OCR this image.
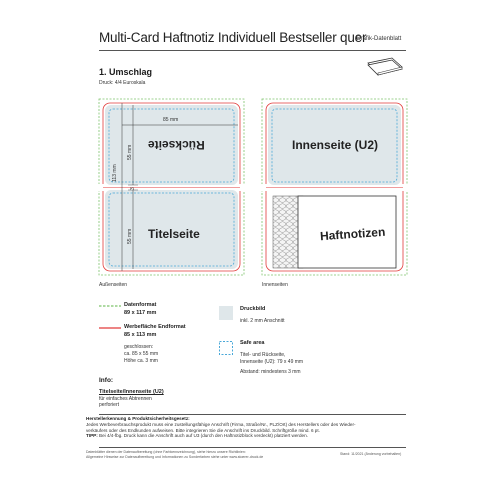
Multi-Card Haftnotiz Individuell Bestseller quer
Grafik-Datenblatt
1. Umschlag
Druck: 4/4 Euroskala
85 mm
113 mm
55 mm
55 mm
3
Rückseite
Titelseite
Außenseiten
Innenseite (U2)
Haftnotizen
Innenseiten
Datenformat
89 x 117 mm
Werbefläche Endformat
85 x 113 mm
geschlossen:
ca. 85 x 55 mm
Höhe ca. 3 mm
Druckbild
inkl. 2 mm Anschnitt
Safe area
Titel- und Rückseite,
Innenseite (U2): 79 x 49 mm
Abstand: mindestens 3 mm
Info:
Titelseite/Innenseite (U2)
für einfaches Abtrennen
perforiert
Herstellerkennung & Produktsicherheitsgesetz:
Jedes Werbeverbrauchsprodukt muss eine zustellungsfähige Anschrift (Firma, Straße/Nr., PLZ/Ort) des Herstellers oder des Wieder-
verkäufers oder des Endkunden aufweisen. Bitte integrieren Sie die Anschrift ins Druckbild. Schriftgröße mind. 6 pt.
TIPP: Bei 4/4-fbg. Druck kann die Anschrift auch auf U3 (durch den Haftnotizblock verdeckt) platziert werden.
Datenblätter dienen der Datenaufbereitung (ohne Farbkennzeichnung), siehe hierzu unsere Richtlinien:
Allgemeine Hinweise zur Datenaufbereitung und Informationen zu Sonderfarben siehe unter www.stoerer-druck.de
Stand: 11/2021 (Änderung vorbehalten)
